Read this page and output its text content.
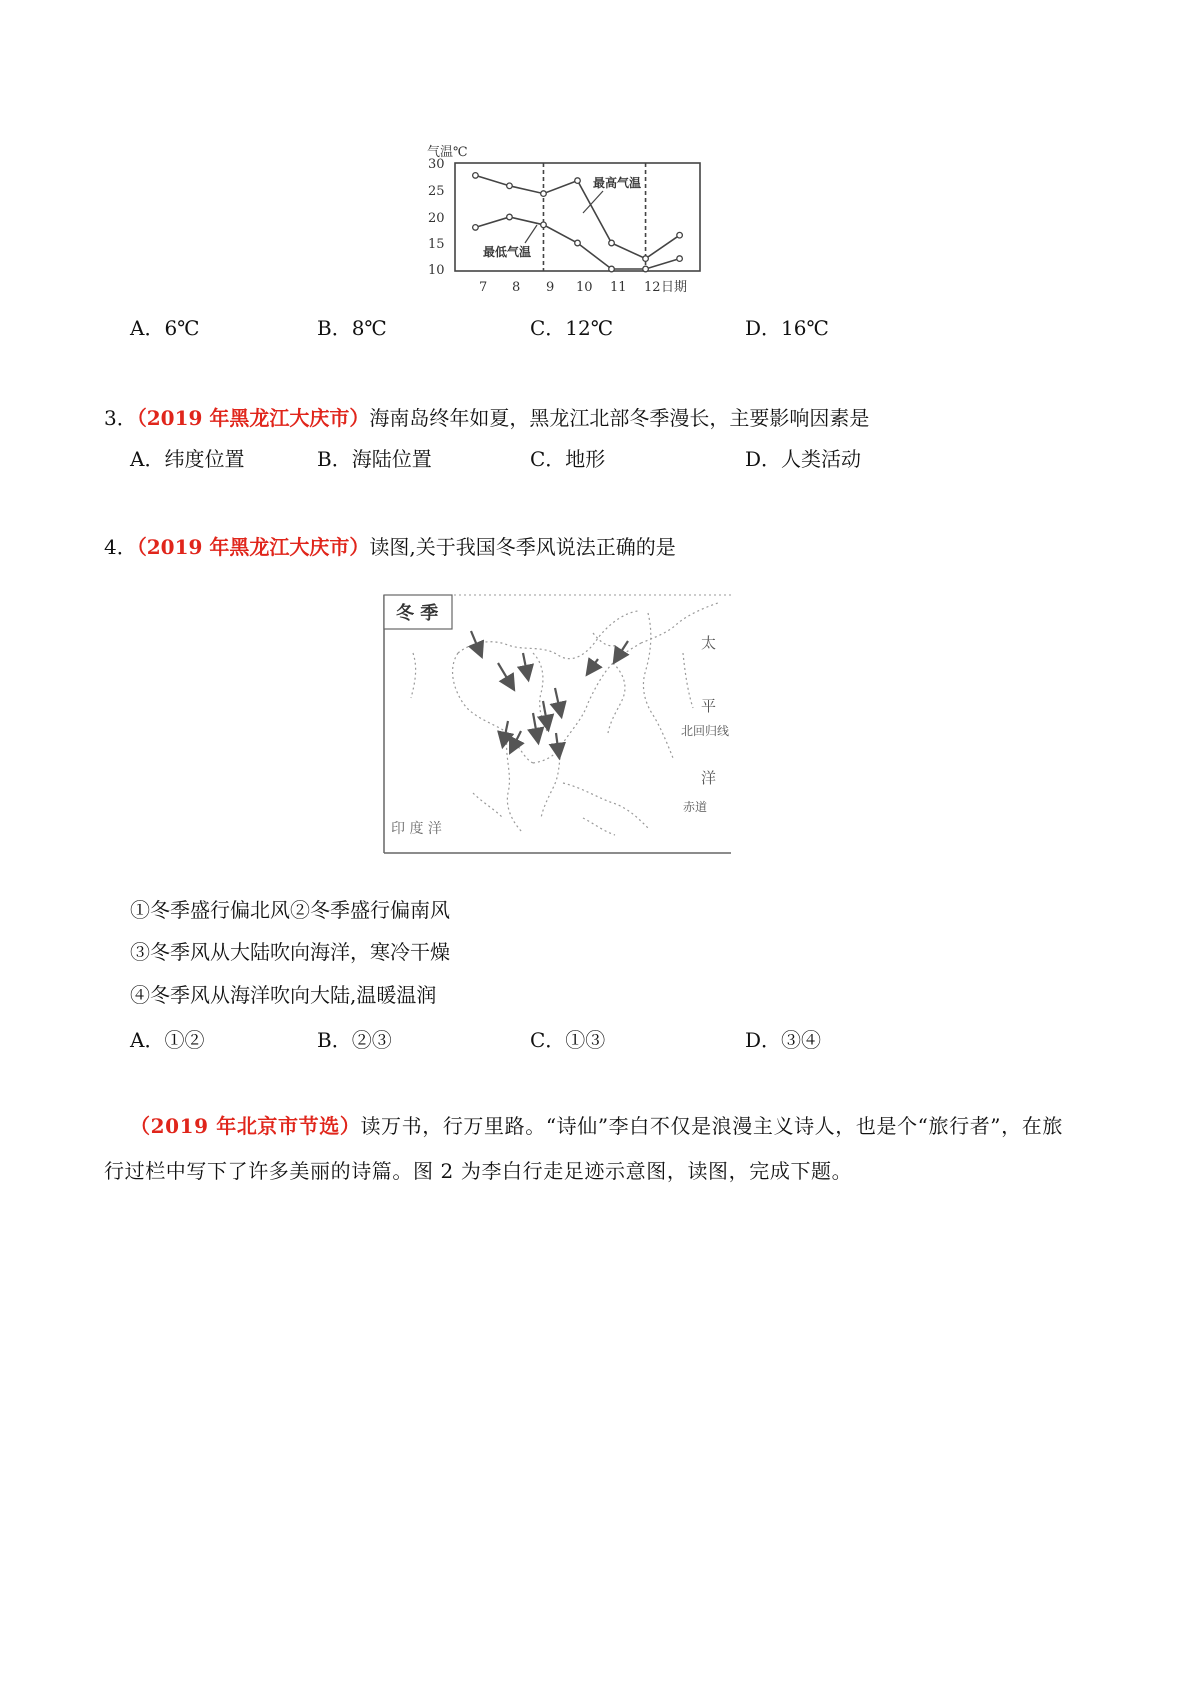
气温℃
30
25
20
15
10
7 8 9 10 11 12 日期
最高气温
最低气温
A．6℃	B．8℃	C．12℃	D．16℃
3．（2019 年黑龙江大庆市）海南岛终年如夏，黑龙江北部冬季漫长，主要影响因素是
A．纬度位置	B．海陆位置	C．地形	D．人类活动
4．（2019 年黑龙江大庆市）读图,关于我国冬季风说法正确的是
冬 季
太
平
北回归线
洋
赤道
印 度 洋
①冬季盛行偏北风②冬季盛行偏南风
③冬季风从大陆吹向海洋，寒冷干燥
④冬季风从海洋吹向大陆,温暖温润
A．①②	B．②③	C．①③	D．③④
（2019 年北京市节选）读万书，行万里路。“诗仙”李白不仅是浪漫主义诗人，也是个“旅行者”，在旅
行过栏中写下了许多美丽的诗篇。图 2 为李白行走足迹示意图，读图，完成下题。
